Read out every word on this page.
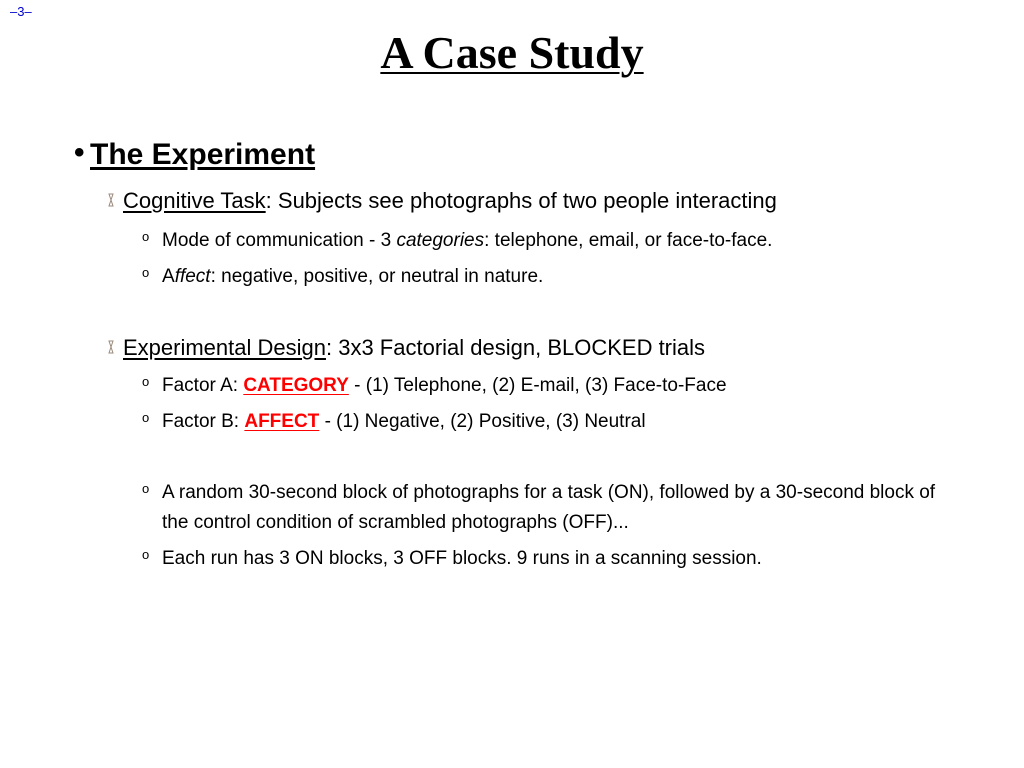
–3–
A Case Study
• The Experiment
Cognitive Task: Subjects see photographs of two people interacting
o Mode of communication - 3 categories: telephone, email, or face-to-face.
o Affect: negative, positive, or neutral in nature.
Experimental Design: 3x3 Factorial design, BLOCKED trials
o Factor A: CATEGORY - (1) Telephone, (2) E-mail, (3) Face-to-Face
o Factor B: AFFECT - (1) Negative, (2) Positive, (3) Neutral
o A random 30-second block of photographs for a task (ON), followed by a 30-second block of the control condition of scrambled photographs (OFF)...
o Each run has 3 ON blocks, 3 OFF blocks. 9 runs in a scanning session.
